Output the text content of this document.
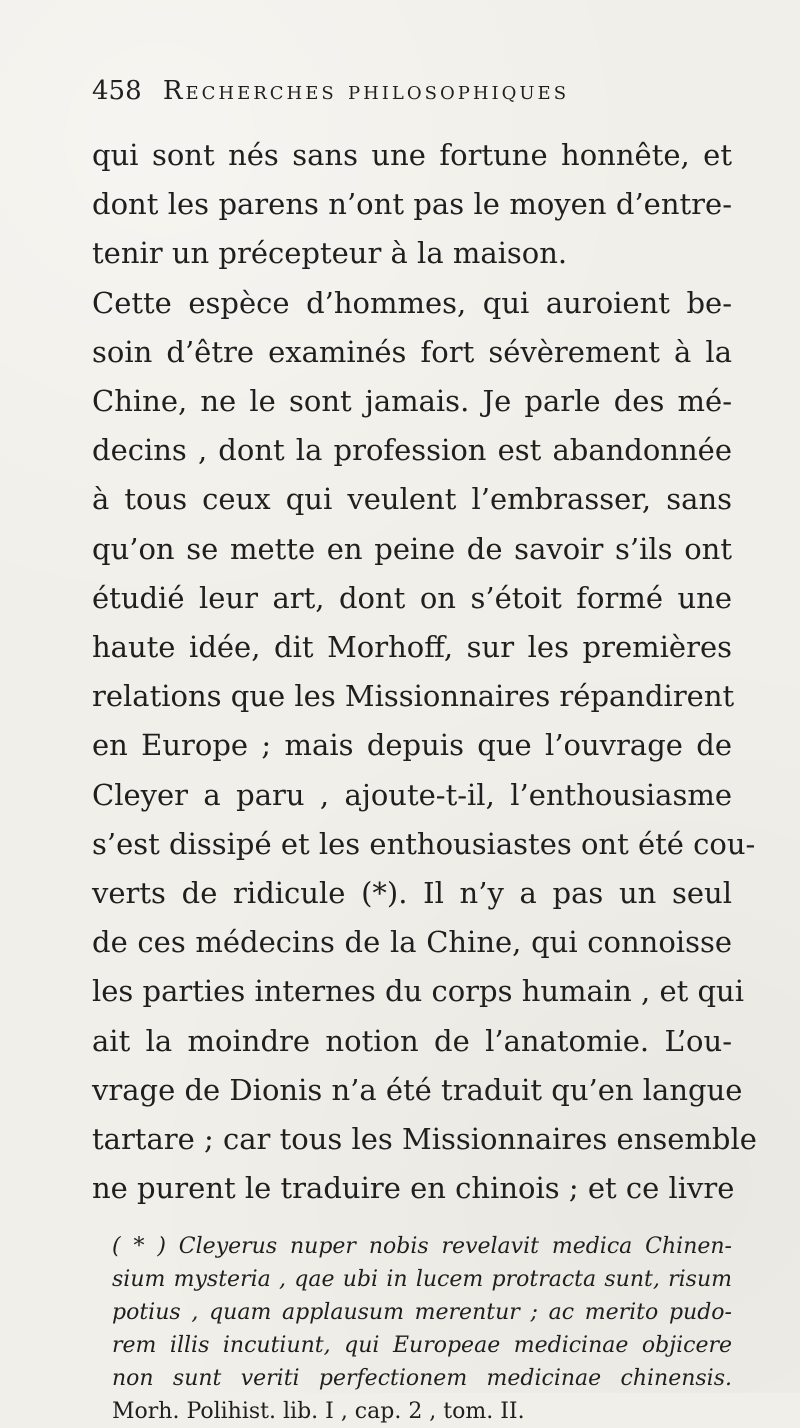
458 Recherches philosophiques
qui sont nés sans une fortune honnête, et
dont les parens n’ont pas le moyen d’entre-
tenir un précepteur à la maison.
Cette espèce d’hommes, qui auroient be-
soin d’être examinés fort sévèrement à la
Chine, ne le sont jamais. Je parle des mé-
decins , dont la profession est abandonnée
à tous ceux qui veulent l’embrasser, sans
qu’on se mette en peine de savoir s’ils ont
étudié leur art, dont on s’étoit formé une
haute idée, dit Morhoff, sur les premières
relations que les Missionnaires répandirent
en Europe ; mais depuis que l’ouvrage de
Cleyer a paru , ajoute-t-il, l’enthousiasme
s’est dissipé et les enthousiastes ont été cou-
verts de ridicule (*). Il n’y a pas un seul
de ces médecins de la Chine, qui connoisse
les parties internes du corps humain , et qui
ait la moindre notion de l’anatomie. L’ou-
vrage de Dionis n’a été traduit qu’en langue
tartare ; car tous les Missionnaires ensemble
ne purent le traduire en chinois ; et ce livre
( * ) Cleyerus nuper nobis revelavit medica Chinen-
sium mysteria , qae ubi in lucem protracta sunt, risum
potius , quam applausum merentur ; ac merito pudo-
rem illis incutiunt, qui Europeae medicinae objicere
non sunt veriti perfectionem medicinae chinensis.
Morh. Polihist. lib. I , cap. 2 , tom. II.
